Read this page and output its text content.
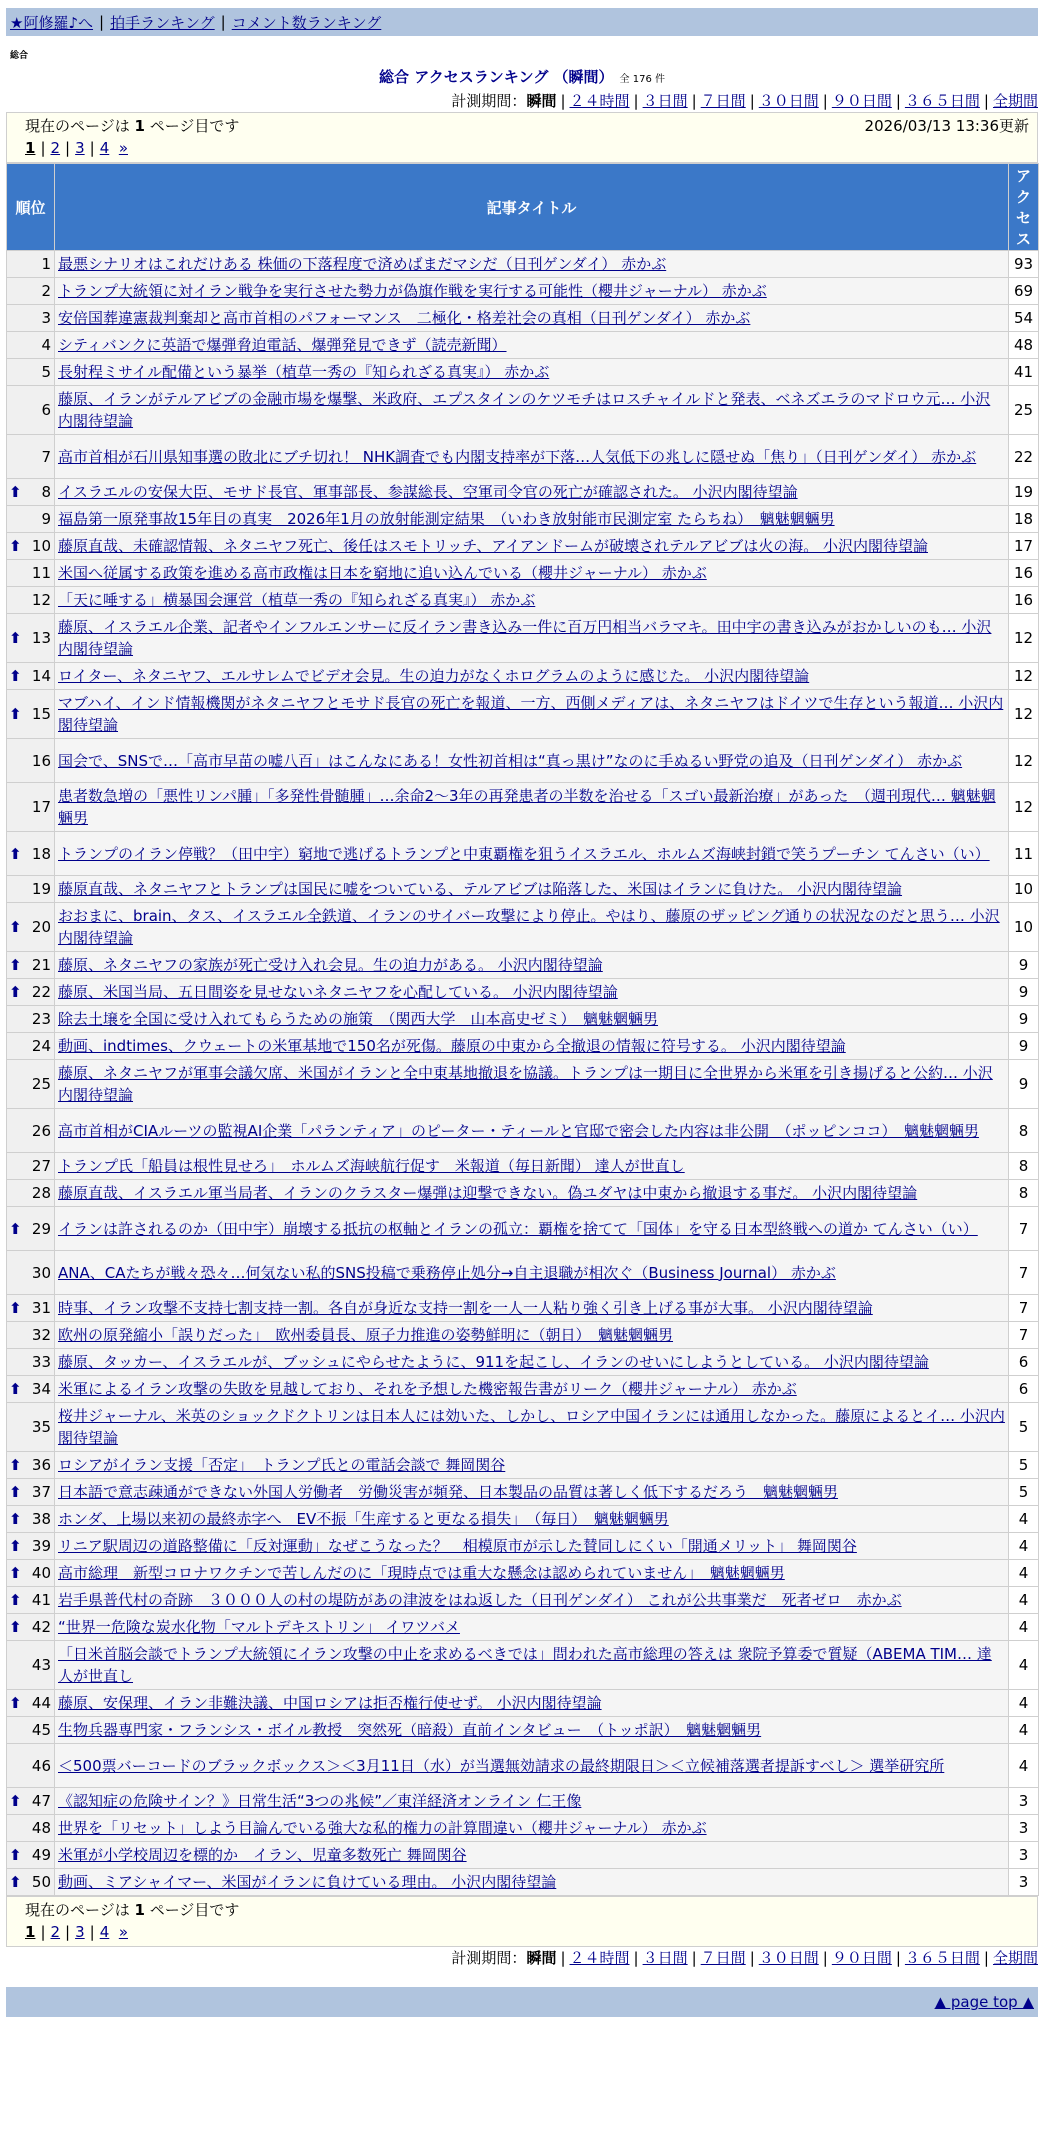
★阿修羅♪へ | 拍手ランキング | コメント数ランキング
総合
総合 アクセスランキング （瞬間） 全 176 件
計測期間：瞬間 | ２４時間 | ３日間 | ７日間 | ３０日間 | ９０日間 | ３６５日間 | 全期間
現在のページは 1 ページ目です	2026/03/13 13:36更新
1 | 2 | 3 | 4 »
順位	記事タイトル	アクセス
1	最悪シナリオはこれだけある 株価の下落程度で済めばまだマシだ（日刊ゲンダイ） 赤かぶ	93
2	トランプ大統領に対イラン戦争を実行させた勢力が偽旗作戦を実行する可能性（櫻井ジャーナル） 赤かぶ	69
3	安倍国葬違憲裁判棄却と高市首相のパフォーマンス　二極化・格差社会の真相（日刊ゲンダイ） 赤かぶ	54
4	シティバンクに英語で爆弾脅迫電話、爆弾発見できず（読売新聞）	48
5	長射程ミサイル配備という暴挙（植草一秀の『知られざる真実』） 赤かぶ	41
6	藤原、イランがテルアビブの金融市場を爆撃、米政府、エプスタインのケツモチはロスチャイルドと発表、ベネズエラのマドロウ元… 小沢内閣待望論	25
7	高市首相が石川県知事選の敗北にブチ切れ！ NHK調査でも内閣支持率が下落…人気低下の兆しに隠せぬ「焦り」（日刊ゲンダイ） 赤かぶ	22

⬆ 8	イスラエルの安保大臣、モサド長官、軍事部長、参謀総長、空軍司令官の死亡が確認された。 小沢内閣待望論	19
9	福島第一原発事故15年目の真実　2026年1月の放射能測定結果　（いわき放射能市民測定室 たらちね）　魑魅魍魎男	18

⬆ 10	藤原直哉、未確認情報、ネタニヤフ死亡、後任はスモトリッチ、アイアンドームが破壊されテルアビブは火の海。 小沢内閣待望論	17
11	米国へ従属する政策を進める高市政権は日本を窮地に追い込んでいる（櫻井ジャーナル） 赤かぶ	16
12	「天に唾する」横暴国会運営（植草一秀の『知られざる真実』） 赤かぶ	16

⬆ 13	藤原、イスラエル企業、記者やインフルエンサーに反イラン書き込み一件に百万円相当バラマキ。田中宇の書き込みがおかしいのも… 小沢内閣待望論	12

⬆ 14	ロイター、ネタニヤフ、エルサレムでビデオ会見。生の迫力がなくホログラムのように感じた。 小沢内閣待望論	12

⬆ 15	マブハイ、インド情報機関がネタニヤフとモサド長官の死亡を報道、一方、西側メディアは、ネタニヤフはドイツで生存という報道… 小沢内閣待望論	12
16	国会で、SNSで…「高市早苗の嘘八百」はこんなにある！女性初首相は“真っ黒け”なのに手ぬるい野党の追及（日刊ゲンダイ） 赤かぶ	12
17	患者数急増の「悪性リンパ腫」「多発性骨髄腫」…余命2〜3年の再発患者の半数を治せる「スゴい最新治療」があった　（週刊現代… 魑魅魍魎男	12

⬆ 18	トランプのイラン停戦？（田中宇）窮地で逃げるトランプと中東覇権を狙うイスラエル、ホルムズ海峡封鎖で笑うプーチン てんさい（い）	11
19	藤原直哉、ネタニヤフとトランプは国民に嘘をついている、テルアビブは陥落した、米国はイランに負けた。 小沢内閣待望論	10

⬆ 20	おおまに、brain、タス、イスラエル全鉄道、イランのサイバー攻撃により停止。やはり、藤原のザッピング通りの状況なのだと思う… 小沢内閣待望論	10

⬆ 21	藤原、ネタニヤフの家族が死亡受け入れ会見。生の迫力がある。 小沢内閣待望論	9

⬆ 22	藤原、米国当局、五日間姿を見せないネタニヤフを心配している。 小沢内閣待望論	9
23	除去土壌を全国に受け入れてもらうための施策　（関西大学　山本高史ゼミ）　魑魅魍魎男	9
24	動画、indtimes、クウェートの米軍基地で150名が死傷。藤原の中東から全撤退の情報に符号する。 小沢内閣待望論	9
25	藤原、ネタニヤフが軍事会議欠席、米国がイランと全中東基地撤退を協議。トランプは一期目に全世界から米軍を引き揚げると公約… 小沢内閣待望論	9
26	高市首相がCIAルーツの監視AI企業「パランティア」のピーター・ティールと官邸で密会した内容は非公開　（ポッピンココ）　魑魅魍魎男	8
27	トランプ氏「船員は根性見せろ」　ホルムズ海峡航行促す　米報道（毎日新聞） 達人が世直し	8
28	藤原直哉、イスラエル軍当局者、イランのクラスター爆弾は迎撃できない。偽ユダヤは中東から撤退する事だ。 小沢内閣待望論	8

⬆ 29	イランは許されるのか（田中宇）崩壊する抵抗の枢軸とイランの孤立：覇権を捨てて「国体」を守る日本型終戦への道か てんさい（い）	7
30	ANA、CAたちが戦々恐々…何気ない私的SNS投稿で乗務停止処分→自主退職が相次ぐ（Business Journal） 赤かぶ	7

⬆ 31	時事、イラン攻撃不支持七割支持一割。各自が身近な支持一割を一人一人粘り強く引き上げる事が大事。 小沢内閣待望論	7
32	欧州の原発縮小「誤りだった」　欧州委員長、原子力推進の姿勢鮮明に（朝日）　魑魅魍魎男	7
33	藤原、タッカー、イスラエルが、ブッシュにやらせたように、911を起こし、イランのせいにしようとしている。 小沢内閣待望論	6

⬆ 34	米軍によるイラン攻撃の失敗を見越しており、それを予想した機密報告書がリーク（櫻井ジャーナル） 赤かぶ	6
35	桜井ジャーナル、米英のショックドクトリンは日本人には効いた、しかし、ロシア中国イランには通用しなかった。藤原によるとイ… 小沢内閣待望論	5

⬆ 36	ロシアがイラン支援「否定」　トランプ氏との電話会談で 舞岡関谷	5

⬆ 37	日本語で意志疎通ができない外国人労働者　労働災害が頻発、日本製品の品質は著しく低下するだろう　魑魅魍魎男	5

⬆ 38	ホンダ、上場以来初の最終赤字へ　EV不振「生産すると更なる損失」　（毎日）　魑魅魍魎男	4

⬆ 39	リニア駅周辺の道路整備に「反対運動」なぜこうなった？　相模原市が示した賛同しにくい「開通メリット」 舞岡関谷	4

⬆ 40	高市総理　新型コロナワクチンで苦しんだのに「現時点では重大な懸念は認められていません」　魑魅魍魎男	4

⬆ 41	岩手県普代村の奇跡　３０００人の村の堤防があの津波をはね返した（日刊ゲンダイ） これが公共事業だ　死者ゼロ　赤かぶ	4

⬆ 42	“世界一危険な炭水化物「マルトデキストリン」 イワツバメ	4
43	「日米首脳会談でトランプ大統領にイラン攻撃の中止を求めるべきでは」問われた高市総理の答えは 衆院予算委で質疑（ABEMA TIM… 達人が世直し	4

⬆ 44	藤原、安保理、イラン非難決議、中国ロシアは拒否権行使せず。 小沢内閣待望論	4
45	生物兵器専門家・フランシス・ボイル教授　突然死（暗殺）直前インタビュー　（トッポ訳）　魑魅魍魎男	4
46	＜500票バーコードのブラックボックス＞＜3月11日（水）が当選無効請求の最終期限日＞＜立候補落選者提訴すべし＞ 選挙研究所	4

⬆ 47	《認知症の危険サイン？》日常生活“3つの兆候”／東洋経済オンライン 仁王像	3
48	世界を「リセット」しよう目論んでいる強大な私的権力の計算間違い（櫻井ジャーナル） 赤かぶ	3

⬆ 49	米軍が小学校周辺を標的か　イラン、児童多数死亡 舞岡関谷	3

⬆ 50	動画、ミアシャイマー、米国がイランに負けている理由。 小沢内閣待望論	3
現在のページは 1 ページ目です
1 | 2 | 3 | 4 »
計測期間：瞬間 | ２４時間 | ３日間 | ７日間 | ３０日間 | ９０日間 | ３６５日間 | 全期間
▲ page top ▲
